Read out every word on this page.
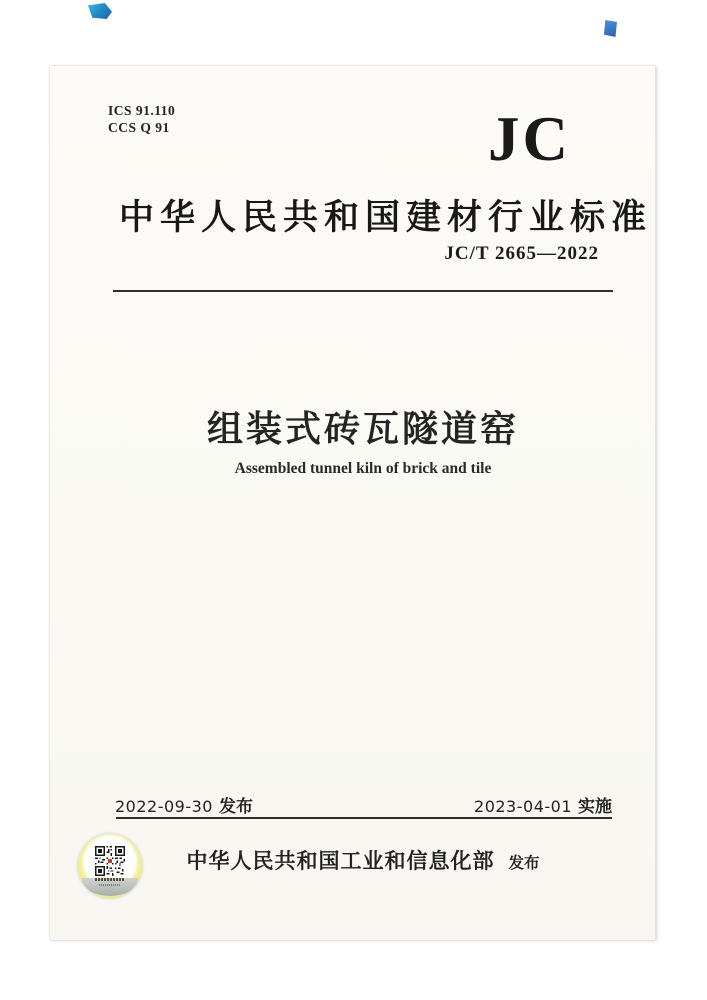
ICS 91.110
CCS Q 91	JC
中华人民共和国建材行业标准
JC/T 2665—2022
组装式砖瓦隧道窑
Assembled tunnel kiln of brick and tile
2022-09-30 发布	2023-04-01 实施
中华人民共和国工业和信息化部 发布
